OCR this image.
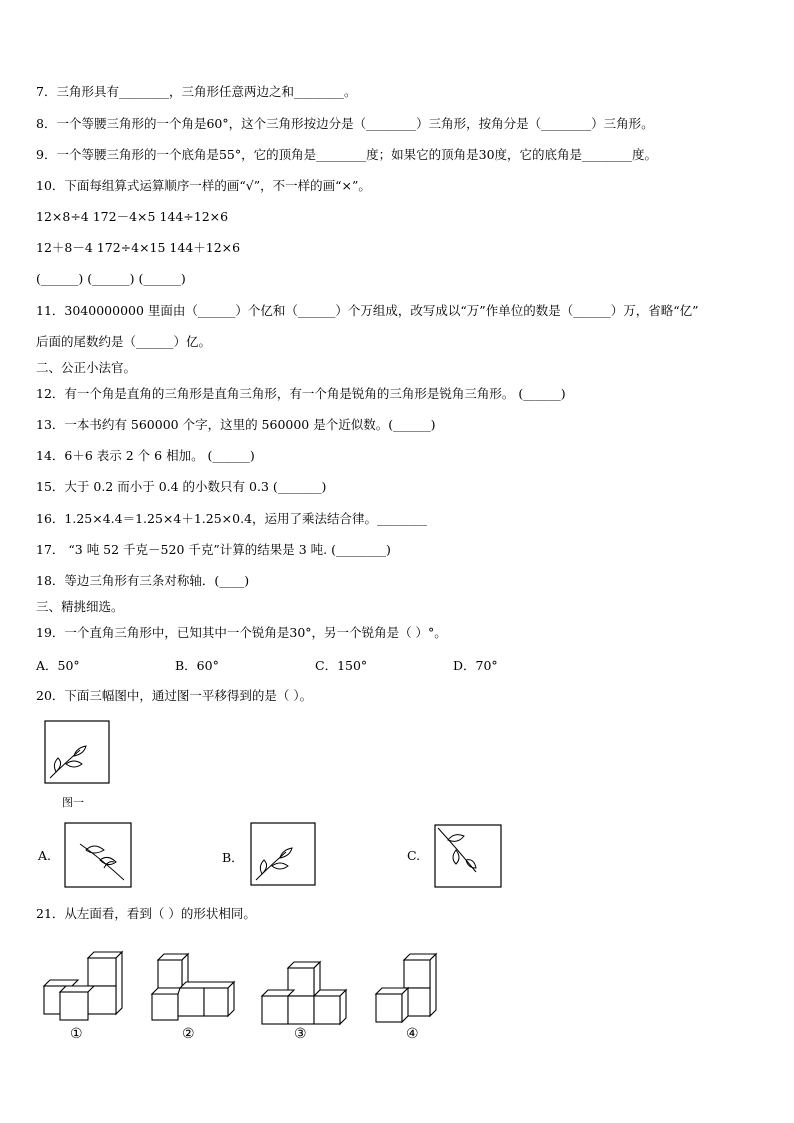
7．三角形具有________，三角形任意两边之和________。
8．一个等腰三角形的一个角是60°，这个三角形按边分是（________）三角形，按角分是（________）三角形。
9．一个等腰三角形的一个底角是55°，它的顶角是________度；如果它的顶角是30度，它的底角是________度。
10．下面每组算式运算顺序一样的画“√”，不一样的画“×”。
12×8÷4 172－4×5 144÷12×6
12＋8－4 172÷4×15 144＋12×6
(______) (______) (______)
11．3040000000 里面由（______）个亿和（______）个万组成，改写成以“万”作单位的数是（______）万，省略“亿”
后面的尾数约是（______）亿。
二、公正小法官。
12．有一个角是直角的三角形是直角三角形，有一个角是锐角的三角形是锐角三角形。 (______)
13．一本书约有 560000 个字，这里的 560000 是个近似数。(______)
14．6＋6 表示 2 个 6 相加。 (______)
15．大于 0.2 而小于 0.4 的小数只有 0.3 (_______)
16．1.25×4.4＝1.25×4＋1.25×0.4，运用了乘法结合律。________
17． “3 吨 52 千克－520 千克”计算的结果是 3 吨. (________)
18．等边三角形有三条对称轴．(____)
三、精挑细选。
19．一个直角三角形中，已知其中一个锐角是30°，另一个锐角是（ ）°。
20．下面三幅图中，通过图一平移得到的是（ ）。
21．从左面看，看到（ ）的形状相同。
A．50°	B．60°	C．150°	D．70°
图一
A.	B．	C.
①	②	③	④
